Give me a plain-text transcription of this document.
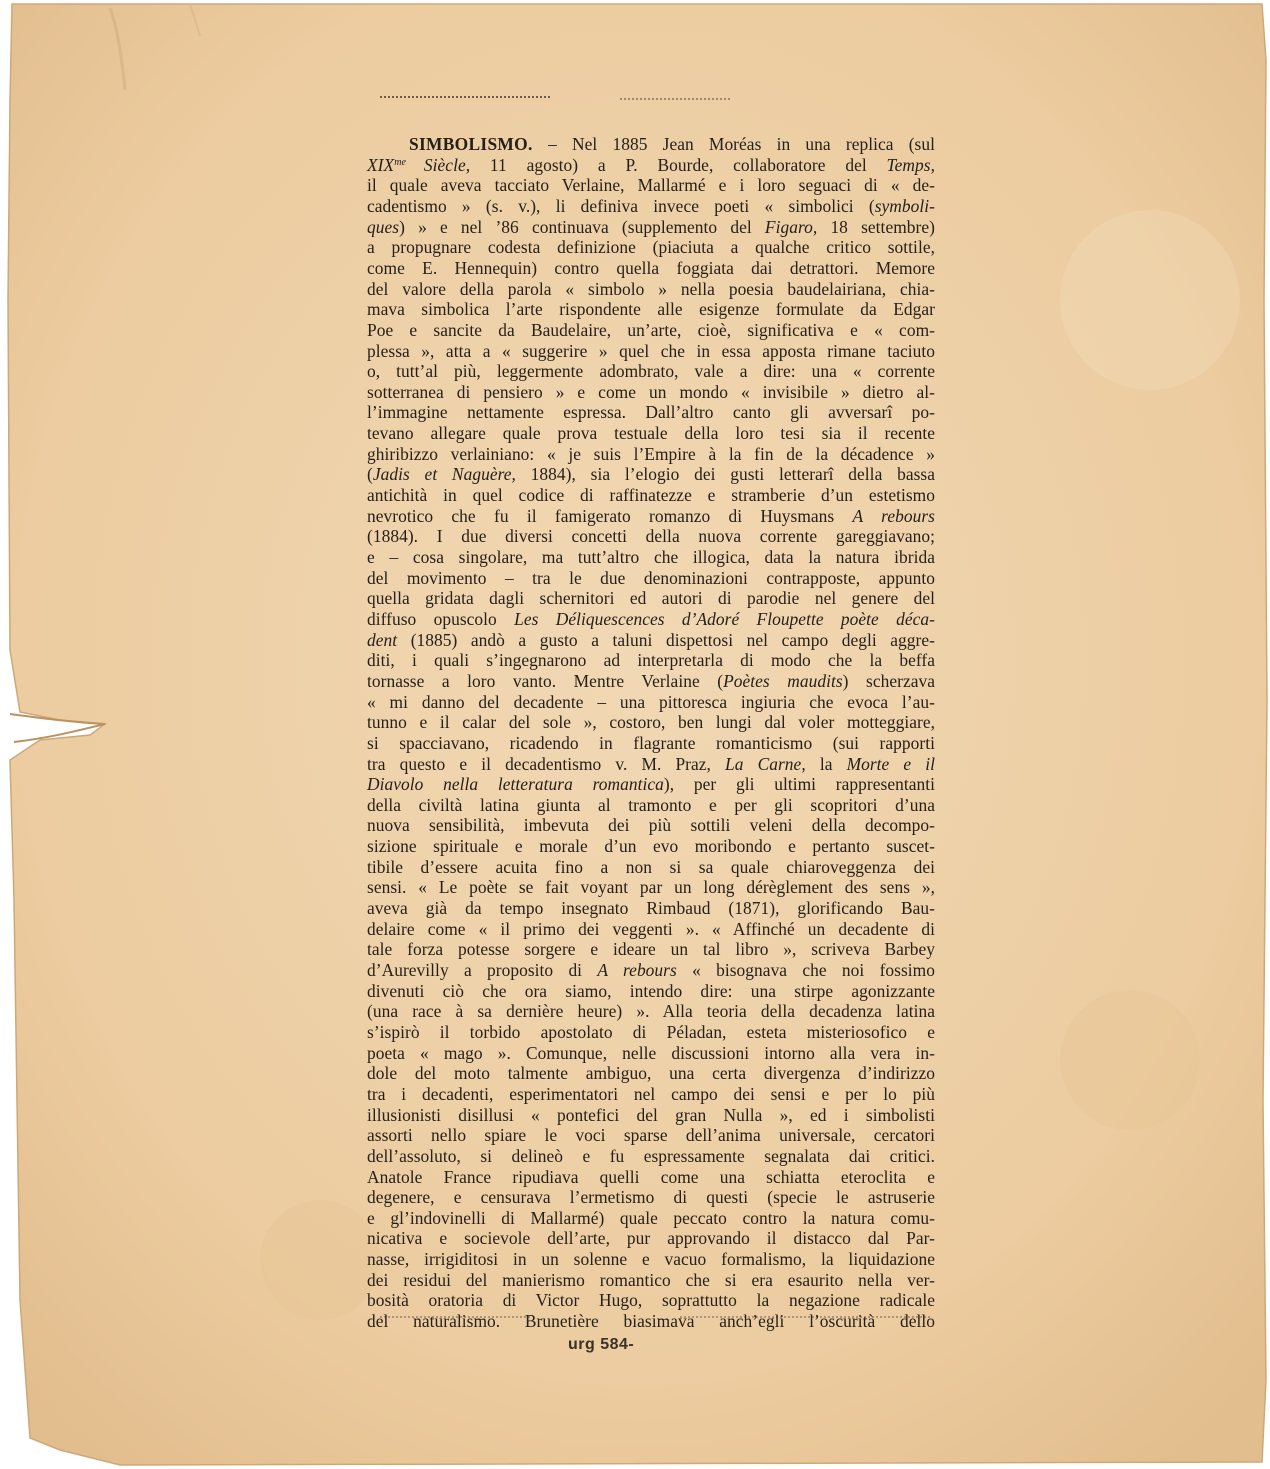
SIMBOLISMO. – Nel 1885 Jean Moréas in una replica (sul
$XIX^{me}$ Siècle, 11 agosto) a P. Bourde, collaboratore del Temps,
il quale aveva tacciato Verlaine, Mallarmé e i loro seguaci di « de-
cadentismo » (s. v.), li definiva invece poeti « simbolici (symboli-
ques) » e nel ’86 continuava (supplemento del Figaro, 18 settembre)
a propugnare codesta definizione (piaciuta a qualche critico sottile,
come E. Hennequin) contro quella foggiata dai detrattori. Memore
del valore della parola « simbolo » nella poesia baudelairiana, chia-
mava simbolica l’arte rispondente alle esigenze formulate da Edgar
Poe e sancite da Baudelaire, un’arte, cioè, significativa e « com-
plessa », atta a « suggerire » quel che in essa apposta rimane taciuto
o, tutt’al più, leggermente adombrato, vale a dire: una « corrente
sotterranea di pensiero » e come un mondo « invisibile » dietro al-
l’immagine nettamente espressa. Dall’altro canto gli avversarî po-
tevano allegare quale prova testuale della loro tesi sia il recente
ghiribizzo verlainiano: « je suis l’Empire à la fin de la décadence »
(Jadis et Naguère, 1884), sia l’elogio dei gusti letterarî della bassa
antichità in quel codice di raffinatezze e stramberie d’un estetismo
nevrotico che fu il famigerato romanzo di Huysmans A rebours
(1884). I due diversi concetti della nuova corrente gareggiavano;
e – cosa singolare, ma tutt’altro che illogica, data la natura ibrida
del movimento – tra le due denominazioni contrapposte, appunto
quella gridata dagli schernitori ed autori di parodie nel genere del
diffuso opuscolo Les Déliquescences d’Adoré Floupette poète déca-
dent (1885) andò a gusto a taluni dispettosi nel campo degli aggre-
diti, i quali s’ingegnarono ad interpretarla di modo che la beffa
tornasse a loro vanto. Mentre Verlaine (Poètes maudits) scherzava
« mi danno del decadente – una pittoresca ingiuria che evoca l’au-
tunno e il calar del sole », costoro, ben lungi dal voler motteggiare,
si spacciavano, ricadendo in flagrante romanticismo (sui rapporti
tra questo e il decadentismo v. M. Praz, La Carne, la Morte e il
Diavolo nella letteratura romantica), per gli ultimi rappresentanti
della civiltà latina giunta al tramonto e per gli scopritori d’una
nuova sensibilità, imbevuta dei più sottili veleni della decompo-
sizione spirituale e morale d’un evo moribondo e pertanto suscet-
tibile d’essere acuita fino a non si sa quale chiaroveggenza dei
sensi. « Le poète se fait voyant par un long dérèglement des sens »,
aveva già da tempo insegnato Rimbaud (1871), glorificando Bau-
delaire come « il primo dei veggenti ». « Affinché un decadente di
tale forza potesse sorgere e ideare un tal libro », scriveva Barbey
d’Aurevilly a proposito di A rebours « bisognava che noi fossimo
divenuti ciò che ora siamo, intendo dire: una stirpe agonizzante
(una race à sa dernière heure) ». Alla teoria della decadenza latina
s’ispirò il torbido apostolato di Péladan, esteta misteriosofico e
poeta « mago ». Comunque, nelle discussioni intorno alla vera in-
dole del moto talmente ambiguo, una certa divergenza d’indirizzo
tra i decadenti, esperimentatori nel campo dei sensi e per lo più
illusionisti disillusi « pontefici del gran Nulla », ed i simbolisti
assorti nello spiare le voci sparse dell’anima universale, cercatori
dell’assoluto, si delineò e fu espressamente segnalata dai critici.
Anatole France ripudiava quelli come una schiatta eteroclita e
degenere, e censurava l’ermetismo di questi (specie le astruserie
e gl’indovinelli di Mallarmé) quale peccato contro la natura comu-
nicativa e socievole dell’arte, pur approvando il distacco dal Par-
nasse, irrigiditosi in un solenne e vacuo formalismo, la liquidazione
dei residui del manierismo romantico che si era esaurito nella ver-
bosità oratoria di Victor Hugo, soprattutto la negazione radicale
del naturalismo. Brunetière biasimava anch’egli l’oscurità dello
urg 584-
